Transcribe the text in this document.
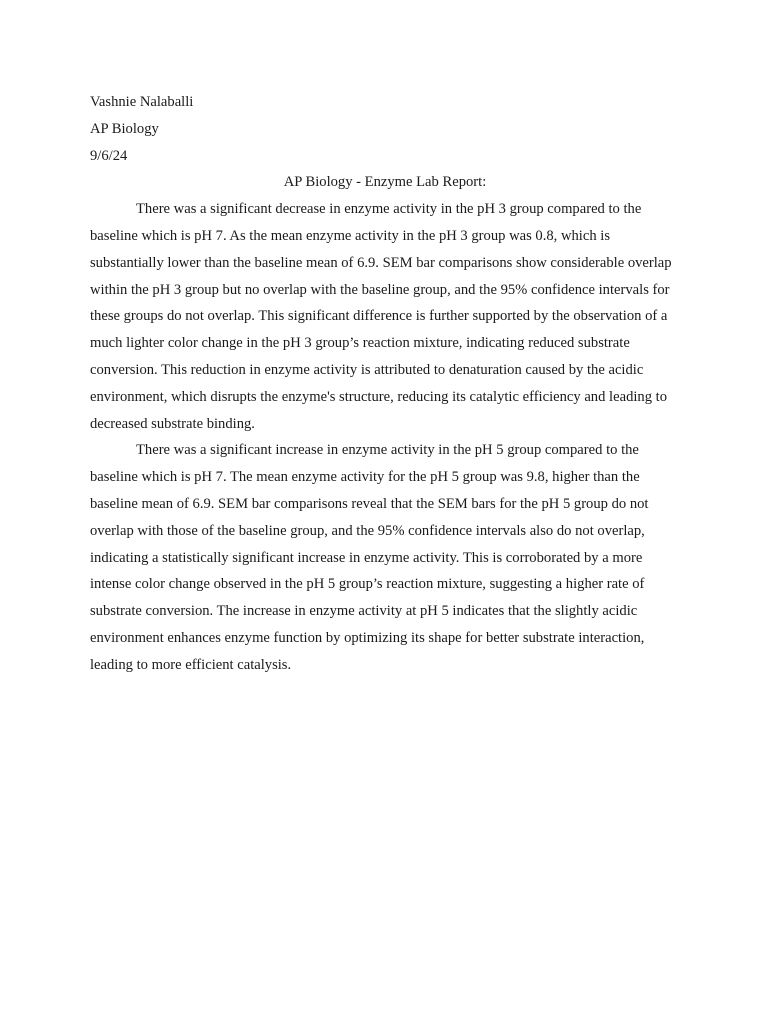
Vashnie Nalaballi

AP Biology

9/6/24

AP Biology - Enzyme Lab Report:

There was a significant decrease in enzyme activity in the pH 3 group compared to the baseline which is pH 7. As the mean enzyme activity in the pH 3 group was 0.8, which is substantially lower than the baseline mean of 6.9. SEM bar comparisons show considerable overlap within the pH 3 group but no overlap with the baseline group, and the 95% confidence intervals for these groups do not overlap. This significant difference is further supported by the observation of a much lighter color change in the pH 3 group’s reaction mixture, indicating reduced substrate conversion. This reduction in enzyme activity is attributed to denaturation caused by the acidic environment, which disrupts the enzyme's structure, reducing its catalytic efficiency and leading to decreased substrate binding.

There was a significant increase in enzyme activity in the pH 5 group compared to the baseline which is pH 7. The mean enzyme activity for the pH 5 group was 9.8, higher than the baseline mean of 6.9. SEM bar comparisons reveal that the SEM bars for the pH 5 group do not overlap with those of the baseline group, and the 95% confidence intervals also do not overlap, indicating a statistically significant increase in enzyme activity. This is corroborated by a more intense color change observed in the pH 5 group’s reaction mixture, suggesting a higher rate of substrate conversion. The increase in enzyme activity at pH 5 indicates that the slightly acidic environment enhances enzyme function by optimizing its shape for better substrate interaction, leading to more efficient catalysis.
